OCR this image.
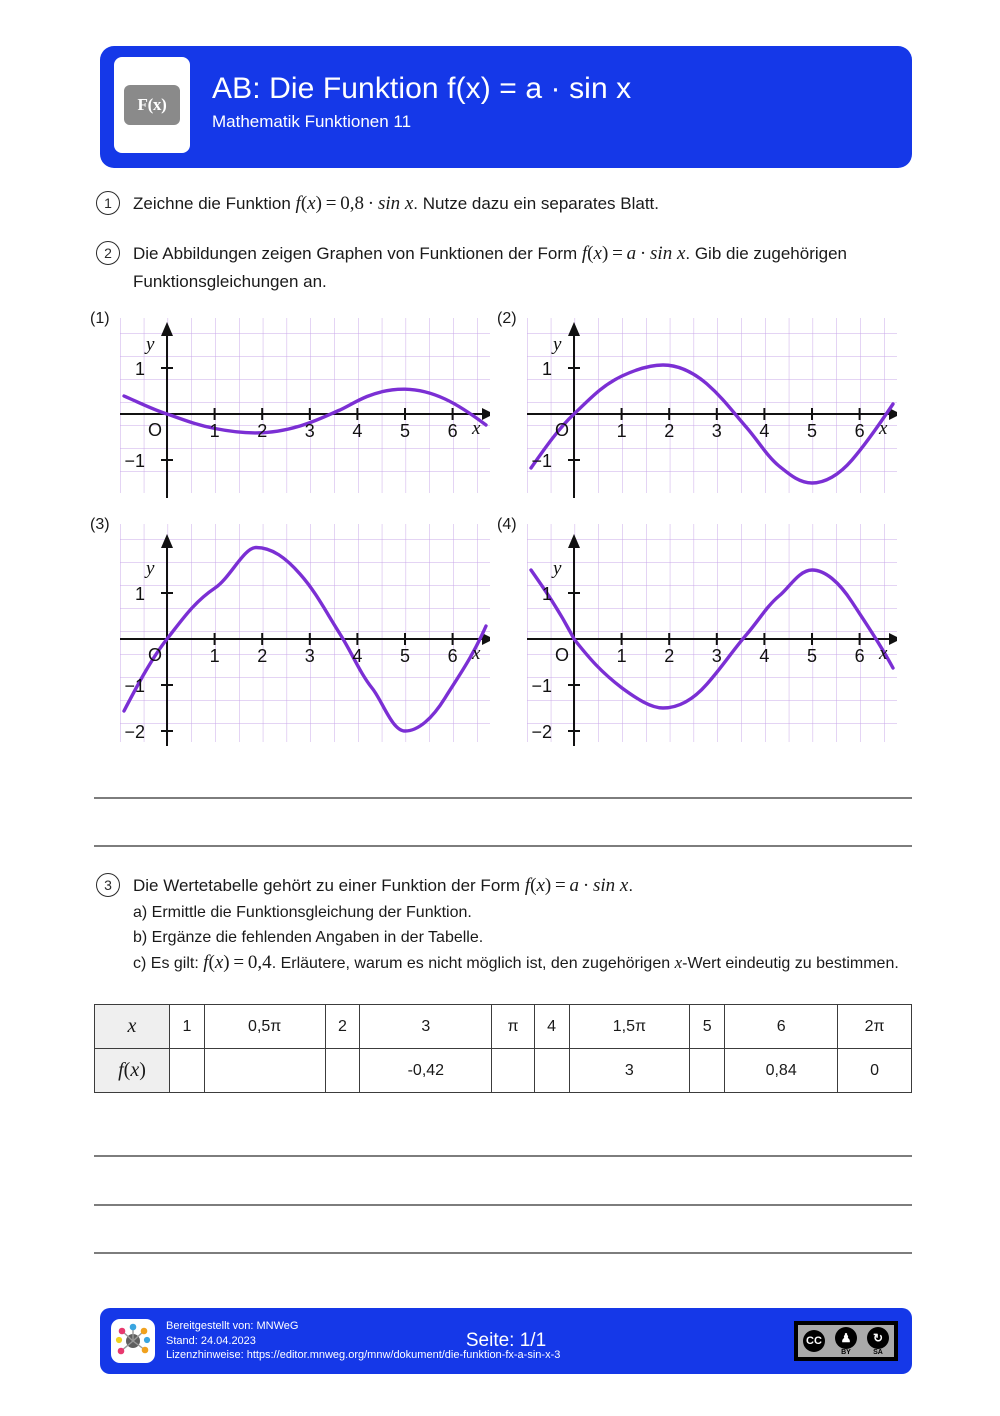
F(x)	AB: Die Funktion f(x) = a · sin x
Mathematik Funktionen 11
1	Zeichne die Funktion f(x) = 0,8 · sin x. Nutze dazu ein separates Blatt.
2	Die Abbildungen zeigen Graphen von Funktionen der Form f(x) = a · sin x. Gib die zugehörigen Funktionsgleichungen an.
(1)
y
x
1
−1
O	1 2 3 4 5 6
(2)
y
x
1
−1
O	1 2 3 4 5 6
(3)
y
x
1
−1
−2
O	1 2 3 4 5 6
(4)
y
x
1
−1
−2
O	1 2 3 4 5 6
3	Die Wertetabelle gehört zu einer Funktion der Form f(x) = a · sin x.
a) Ermittle die Funktionsgleichung der Funktion.
b) Ergänze die fehlenden Angaben in der Tabelle.
c) Es gilt: f(x) = 0,4. Erläutere, warum es nicht möglich ist, den zugehörigen x-Wert eindeutig zu bestimmen.
x	1	0,5π	2	3	π	4	1,5π	5	6	2π
f(x)				-0,42			3		0,84	0
Bereitgestellt von: MNWeG
Stand: 24.04.2023
Lizenzhinweise: https://editor.mnweg.org/mnw/dokument/die-funktion-fx-a-sin-x-3
Seite: 1/1	CC	♟
BY
↻
SA
